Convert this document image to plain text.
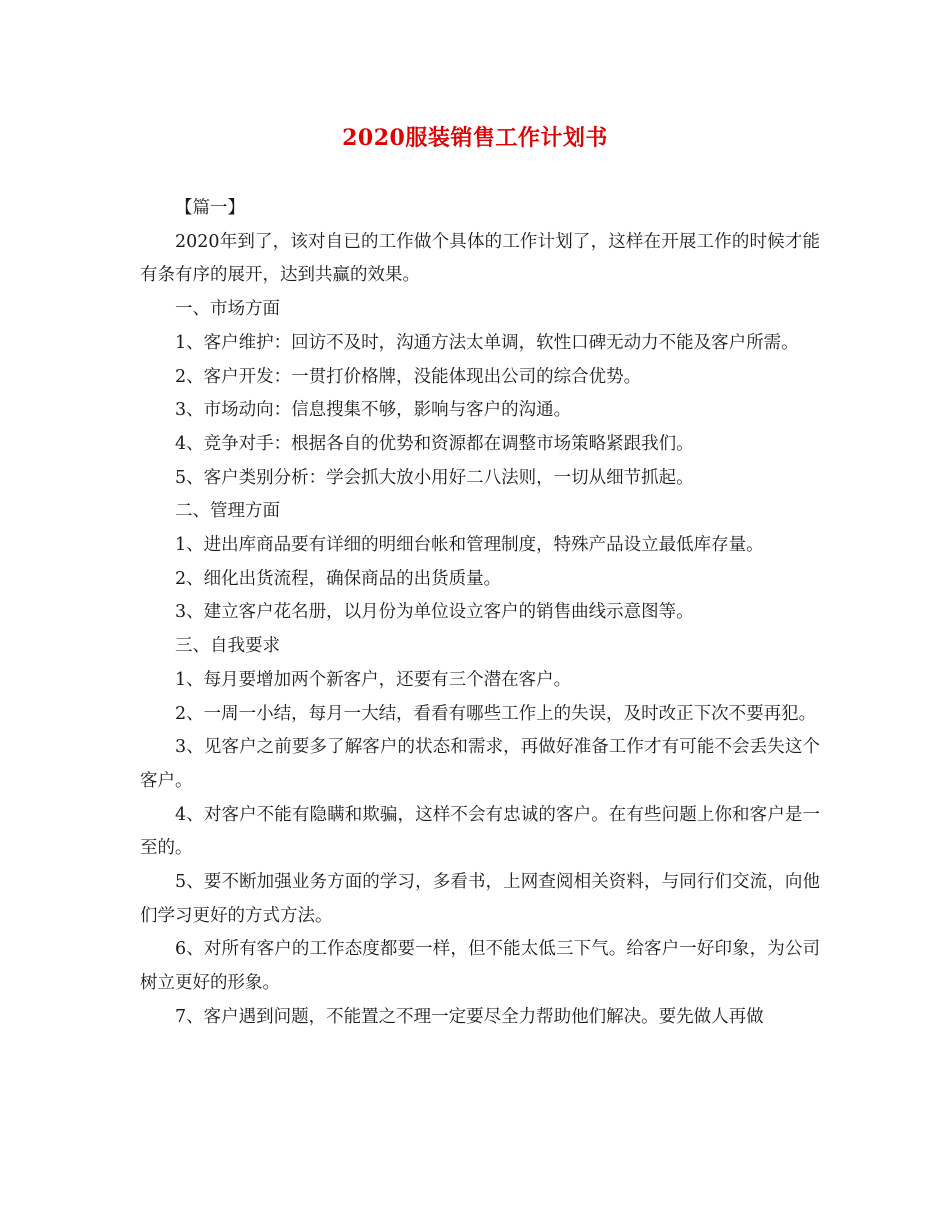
2020服装销售工作计划书

【篇一】

2020年到了，该对自已的工作做个具体的工作计划了，这样在开展工作的时候才能有条有序的展开，达到共赢的效果。

一、市场方面

1、客户维护：回访不及时，沟通方法太单调，软性口碑无动力不能及客户所需。

2、客户开发：一贯打价格牌，没能体现出公司的综合优势。

3、市场动向：信息搜集不够，影响与客户的沟通。

4、竞争对手：根据各自的优势和资源都在调整市场策略紧跟我们。

5、客户类别分析：学会抓大放小用好二八法则，一切从细节抓起。

二、管理方面

1、进出库商品要有详细的明细台帐和管理制度，特殊产品设立最低库存量。

2、细化出货流程，确保商品的出货质量。

3、建立客户花名册，以月份为单位设立客户的销售曲线示意图等。

三、自我要求

1、每月要增加两个新客户，还要有三个潜在客户。

2、一周一小结，每月一大结，看看有哪些工作上的失误，及时改正下次不要再犯。

3、见客户之前要多了解客户的状态和需求，再做好准备工作才有可能不会丢失这个客户。

4、对客户不能有隐瞒和欺骗，这样不会有忠诚的客户。在有些问题上你和客户是一至的。

5、要不断加强业务方面的学习，多看书，上网查阅相关资料，与同行们交流，向他们学习更好的方式方法。

6、对所有客户的工作态度都要一样，但不能太低三下气。给客户一好印象，为公司树立更好的形象。

7、客户遇到问题，不能置之不理一定要尽全力帮助他们解决。要先做人再做
